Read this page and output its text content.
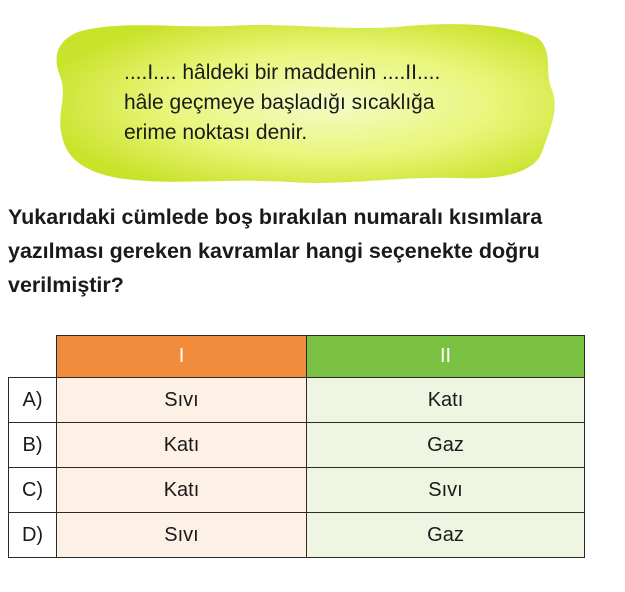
....I.... hâldeki bir maddenin ....II....
hâle geçmeye başladığı sıcaklığa
erime noktası denir.
Yukarıdaki cümlede boş bırakılan numaralı kısımlara
yazılması gereken kavramlar hangi seçenekte doğru
verilmiştir?
	I	II
A)	Sıvı	Katı
B)	Katı	Gaz
C)	Katı	Sıvı
D)	Sıvı	Gaz
